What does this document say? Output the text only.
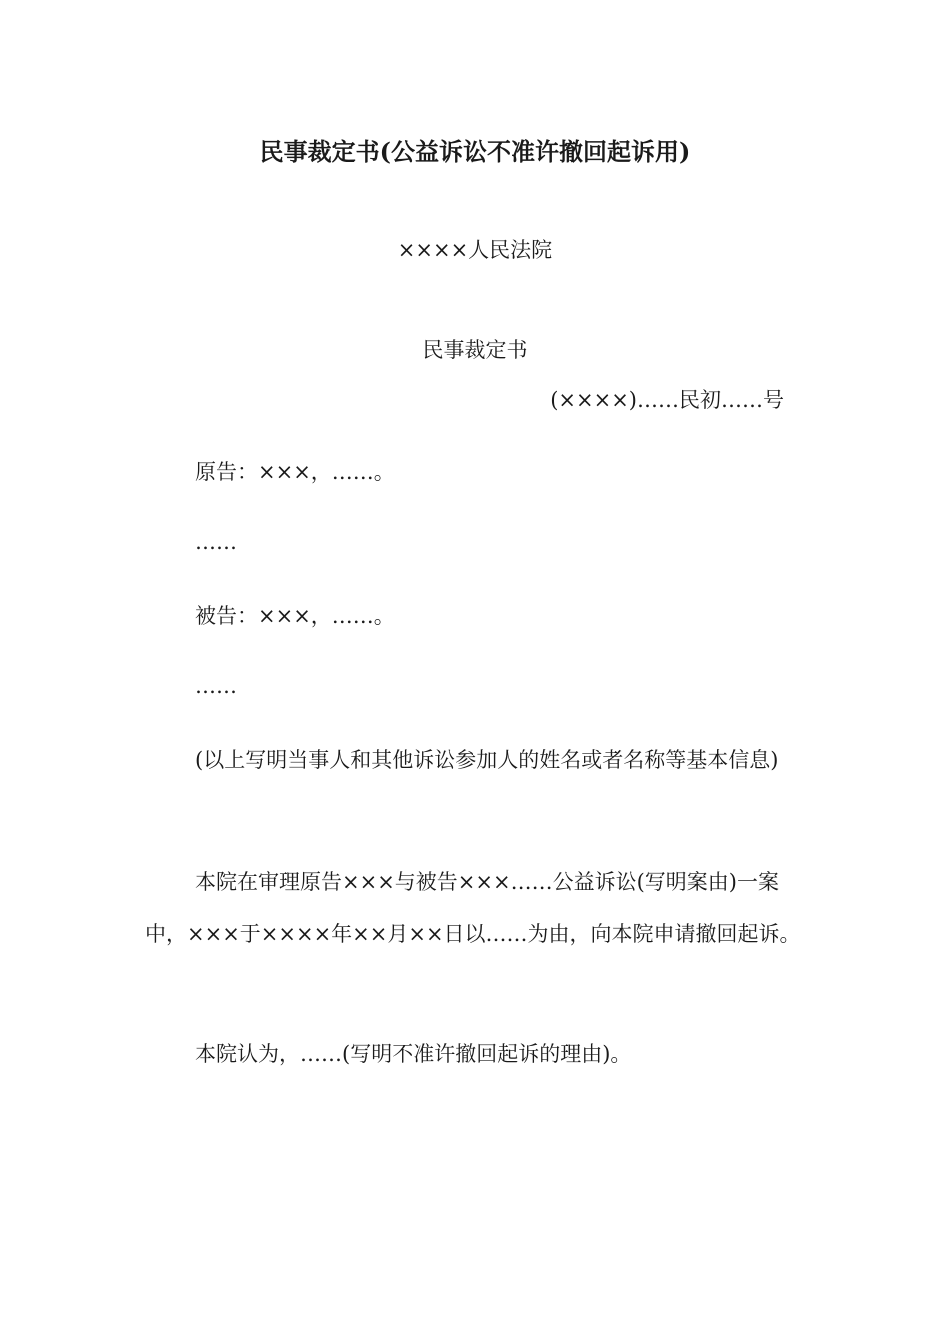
民事裁定书(公益诉讼不准许撤回起诉用)
××××人民法院
民事裁定书
(××××)……民初……号

原告：×××，……。

……

被告：×××，……。

……

(以上写明当事人和其他诉讼参加人的姓名或者名称等基本信息)

本院在审理原告×××与被告×××……公益诉讼(写明案由)一案中，×××于××××年××月××日以……为由，向本院申请撤回起诉。

本院认为，……(写明不准许撤回起诉的理由)。
